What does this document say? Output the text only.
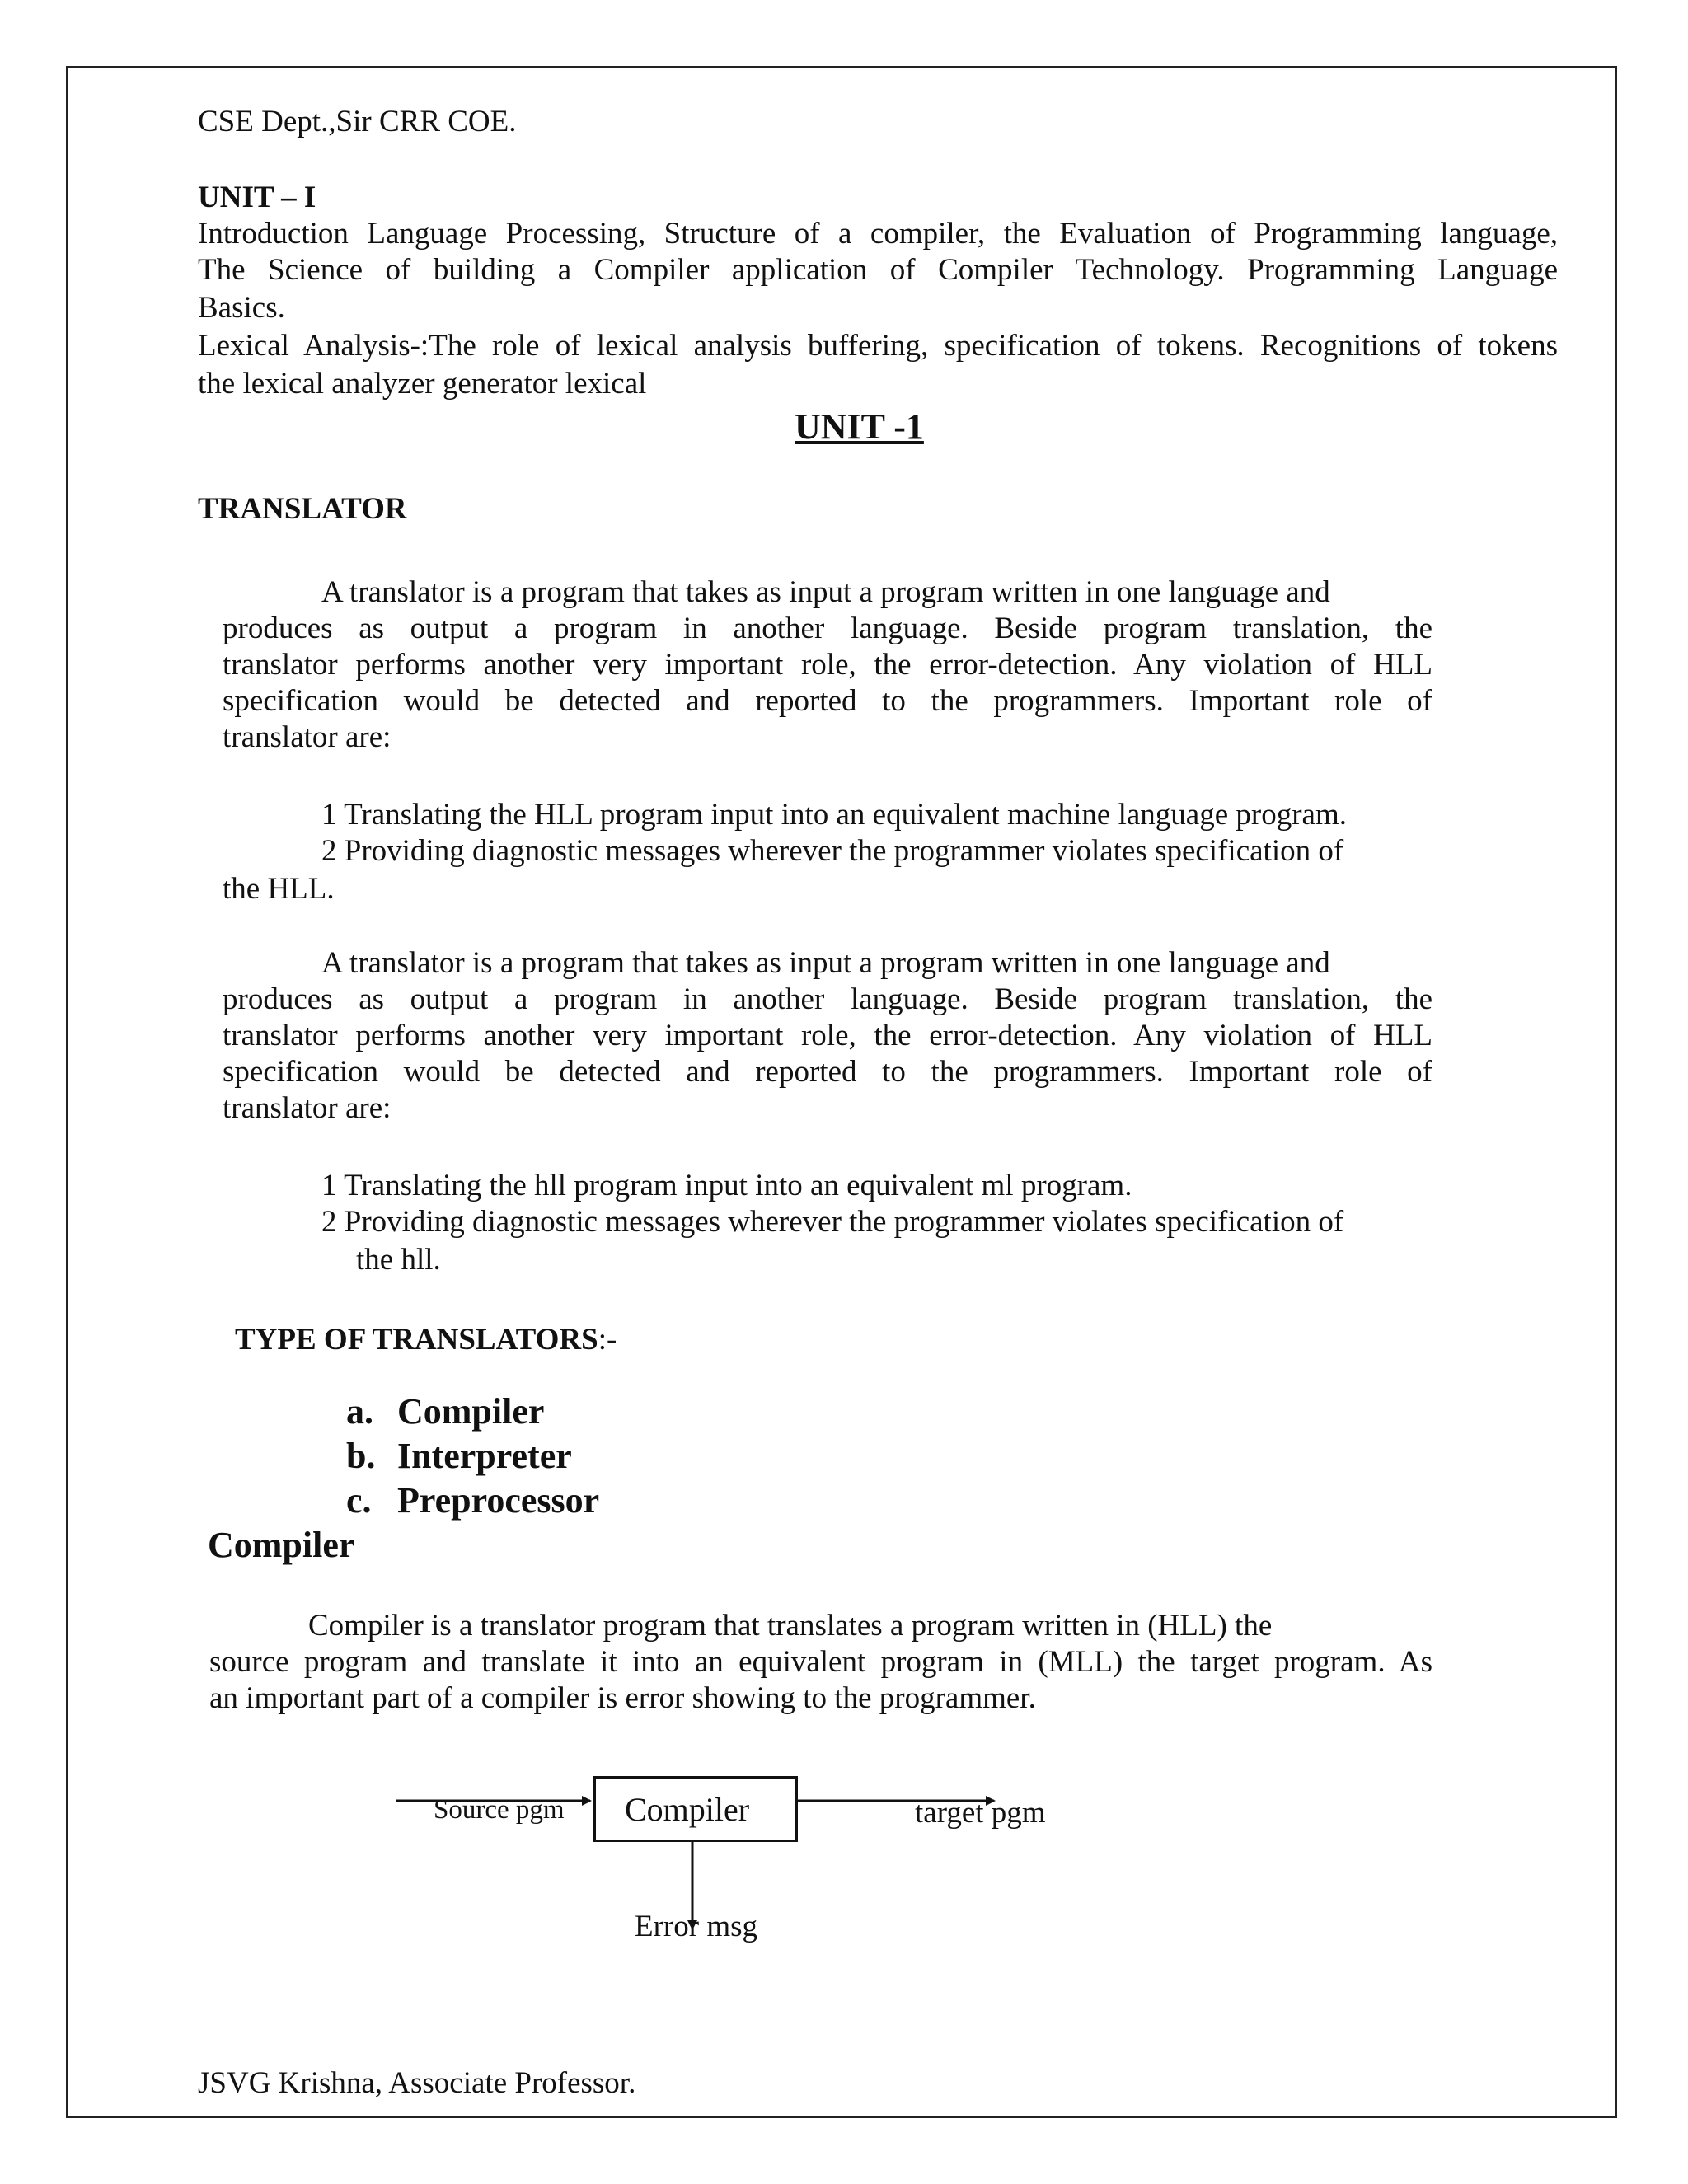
CSE Dept.,Sir CRR COE.
UNIT – I
Introduction Language Processing, Structure of a compiler, the Evaluation of Programming language,
The Science of building a Compiler application of Compiler Technology. Programming Language
Basics.
Lexical Analysis-:The role of lexical analysis buffering, specification of tokens. Recognitions of tokens
the lexical analyzer generator lexical
UNIT -1
TRANSLATOR
A translator is a program that takes as input a program written in one language and
produces as output a program in another language. Beside program translation, the
translator performs another very important role, the error-detection. Any violation of HLL
specification would be detected and reported to the programmers. Important role of
translator are:
1 Translating the HLL program input into an equivalent machine language program.
2 Providing diagnostic messages wherever the programmer violates specification of
the HLL.
A translator is a program that takes as input a program written in one language and
produces as output a program in another language. Beside program translation, the
translator performs another very important role, the error-detection. Any violation of HLL
specification would be detected and reported to the programmers. Important role of
translator are:
1 Translating the hll program input into an equivalent ml program.
2 Providing diagnostic messages wherever the programmer violates specification of
the hll.
TYPE OF TRANSLATORS:-
a. Compiler
b. Interpreter
c. Preprocessor
Compiler
Compiler is a translator program that translates a program written in (HLL) the
source program and translate it into an equivalent program in (MLL) the target program. As
an important part of a compiler is error showing to the programmer.
Source pgm Compiler	target pgm
Error msg
JSVG Krishna, Associate Professor.
